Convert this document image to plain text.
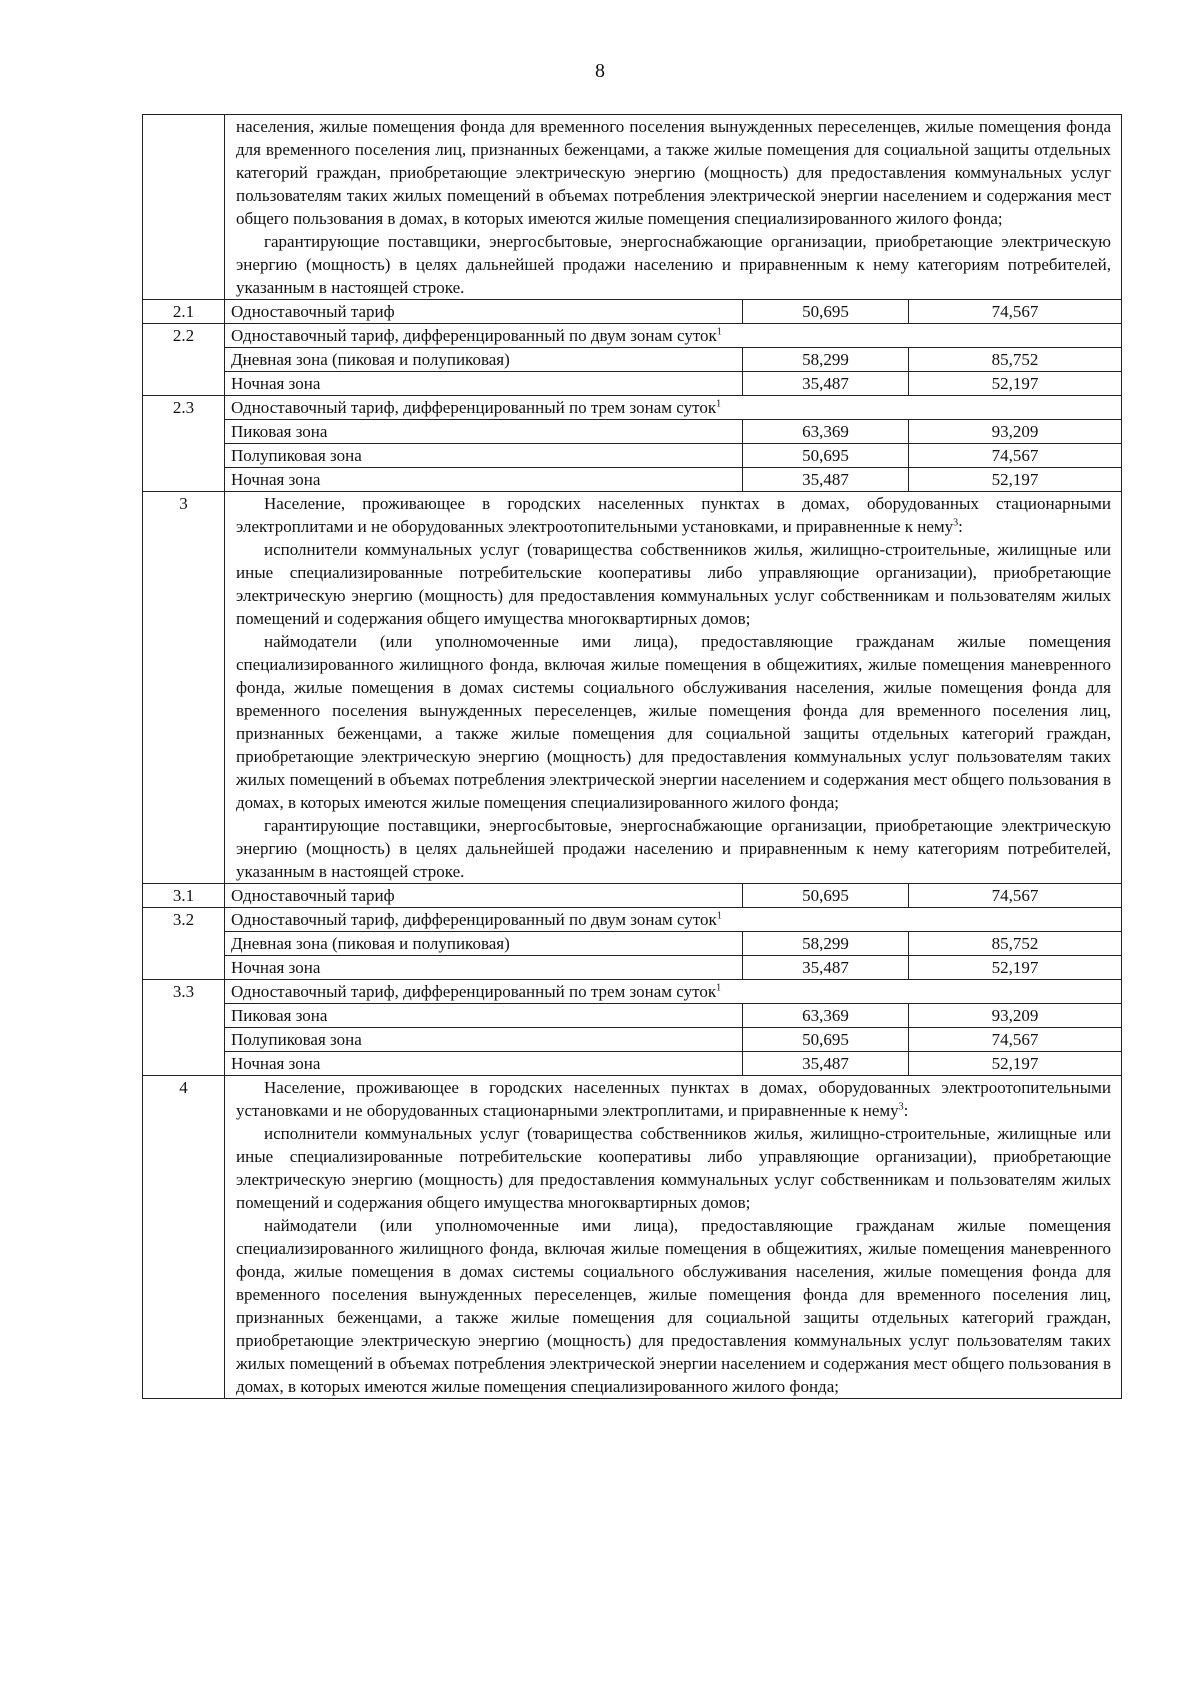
8

	населения, жилые помещения фонда для временного поселения вынужденных переселенцев, жилые помещения фонда для временного поселения лиц, признанных беженцами, а также жилые помещения для социальной защиты отдельных категорий граждан, приобретающие электрическую энергию (мощность) для предоставления коммунальных услуг пользователям таких жилых помещений в объемах потребления электрической энергии населением и содержания мест общего пользования в домах, в которых имеются жилые помещения специализированного жилого фонда;

гарантирующие поставщики, энергосбытовые, энергоснабжающие организации, приобретающие электрическую энергию (мощность) в целях дальнейшей продажи населению и приравненным к нему категориям потребителей, указанным в настоящей строке.		

2.1	Одноставочный тариф	50,695	74,567
2.2	Одноставочный тариф, дифференцированный по двум зонам суток$^1$
	Дневная зона (пиковая и полупиковая)	58,299	85,752
	Ночная зона	35,487	52,197
2.3	Одноставочный тариф, дифференцированный по трем зонам суток$^1$
	Пиковая зона	63,369	93,209
	Полупиковая зона	50,695	74,567
	Ночная зона	35,487	52,197
3	Население, проживающее в городских населенных пунктах в домах, оборудованных стационарными электроплитами и не оборудованных электроотопительными установками, и приравненные к нему$^3$:

исполнители коммунальных услуг (товарищества собственников жилья, жилищно-строительные, жилищные или иные специализированные потребительские кооперативы либо управляющие организации), приобретающие электрическую энергию (мощность) для предоставления коммунальных услуг собственникам и пользователям жилых помещений и содержания общего имущества многоквартирных домов;

наймодатели (или уполномоченные ими лица), предоставляющие гражданам жилые помещения специализированного жилищного фонда, включая жилые помещения в общежитиях, жилые помещения маневренного фонда, жилые помещения в домах системы социального обслуживания населения, жилые помещения фонда для временного поселения вынужденных переселенцев, жилые помещения фонда для временного поселения лиц, признанных беженцами, а также жилые помещения для социальной защиты отдельных категорий граждан, приобретающие электрическую энергию (мощность) для предоставления коммунальных услуг пользователям таких жилых помещений в объемах потребления электрической энергии населением и содержания мест общего пользования в домах, в которых имеются жилые помещения специализированного жилого фонда;

гарантирующие поставщики, энергосбытовые, энергоснабжающие организации, приобретающие электрическую энергию (мощность) в целях дальнейшей продажи населению и приравненным к нему категориям потребителей, указанным в настоящей строке.		

3.1	Одноставочный тариф	50,695	74,567
3.2	Одноставочный тариф, дифференцированный по двум зонам суток$^1$
	Дневная зона (пиковая и полупиковая)	58,299	85,752
	Ночная зона	35,487	52,197
3.3	Одноставочный тариф, дифференцированный по трем зонам суток$^1$
	Пиковая зона	63,369	93,209
	Полупиковая зона	50,695	74,567
	Ночная зона	35,487	52,197
4	Население, проживающее в городских населенных пунктах в домах, оборудованных электроотопительными установками и не оборудованных стационарными электроплитами, и приравненные к нему$^3$:

исполнители коммунальных услуг (товарищества собственников жилья, жилищно-строительные, жилищные или иные специализированные потребительские кооперативы либо управляющие организации), приобретающие электрическую энергию (мощность) для предоставления коммунальных услуг собственникам и пользователям жилых помещений и содержания общего имущества многоквартирных домов;

наймодатели (или уполномоченные ими лица), предоставляющие гражданам жилые помещения специализированного жилищного фонда, включая жилые помещения в общежитиях, жилые помещения маневренного фонда, жилые помещения в домах системы социального обслуживания населения, жилые помещения фонда для временного поселения вынужденных переселенцев, жилые помещения фонда для временного поселения лиц, признанных беженцами, а также жилые помещения для социальной защиты отдельных категорий граждан, приобретающие электрическую энергию (мощность) для предоставления коммунальных услуг пользователям таких жилых помещений в объемах потребления электрической энергии населением и содержания мест общего пользования в домах, в которых имеются жилые помещения специализированного жилого фонда;		
